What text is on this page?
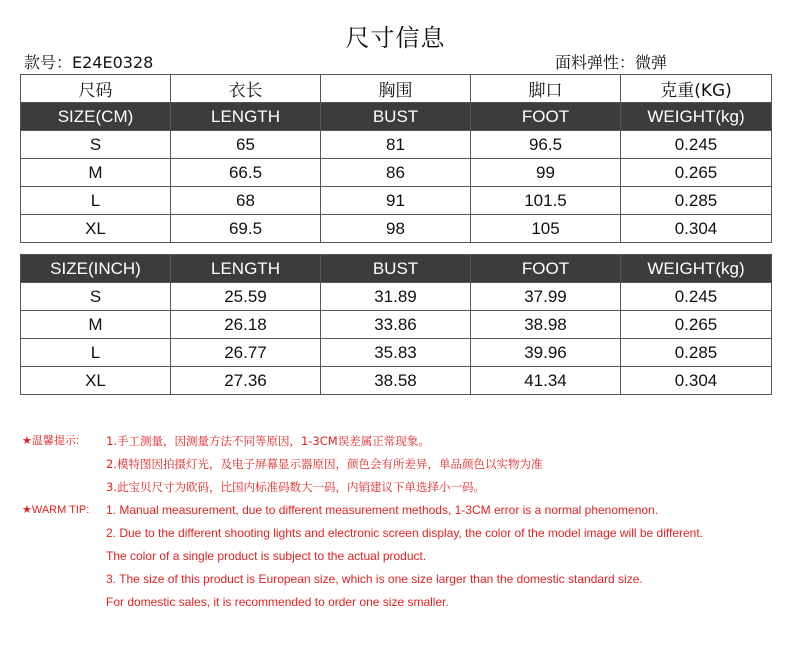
尺寸信息
款号：E24E0328	面料弹性：微弹
尺码	衣长	胸围	脚口	克重(KG)
SIZE(CM)	LENGTH	BUST	FOOT	WEIGHT(kg)
S	65	81	96.5	0.245
M	66.5	86	99	0.265
L	68	91	101.5	0.285
XL	69.5	98	105	0.304
SIZE(INCH)	LENGTH	BUST	FOOT	WEIGHT(kg)
S	25.59	31.89	37.99	0.245
M	26.18	33.86	38.98	0.265
L	26.77	35.83	39.96	0.285
XL	27.36	38.58	41.34	0.304
★温馨提示: 1.手工测量，因测量方法不同等原因，1-3CM误差属正常现象。
2.模特图因拍摄灯光，及电子屏幕显示器原因，颜色会有所差异，单品颜色以实物为准
3.此宝贝尺寸为欧码，比国内标准码数大一码，内销建议下单选择小一码。
★WARM TIP: 1. Manual measurement, due to different measurement methods, 1-3CM error is a normal phenomenon.
2. Due to the different shooting lights and electronic screen display, the color of the model image will be different.
The color of a single product is subject to the actual product.
3. The size of this product is European size, which is one size larger than the domestic standard size.
For domestic sales, it is recommended to order one size smaller.
